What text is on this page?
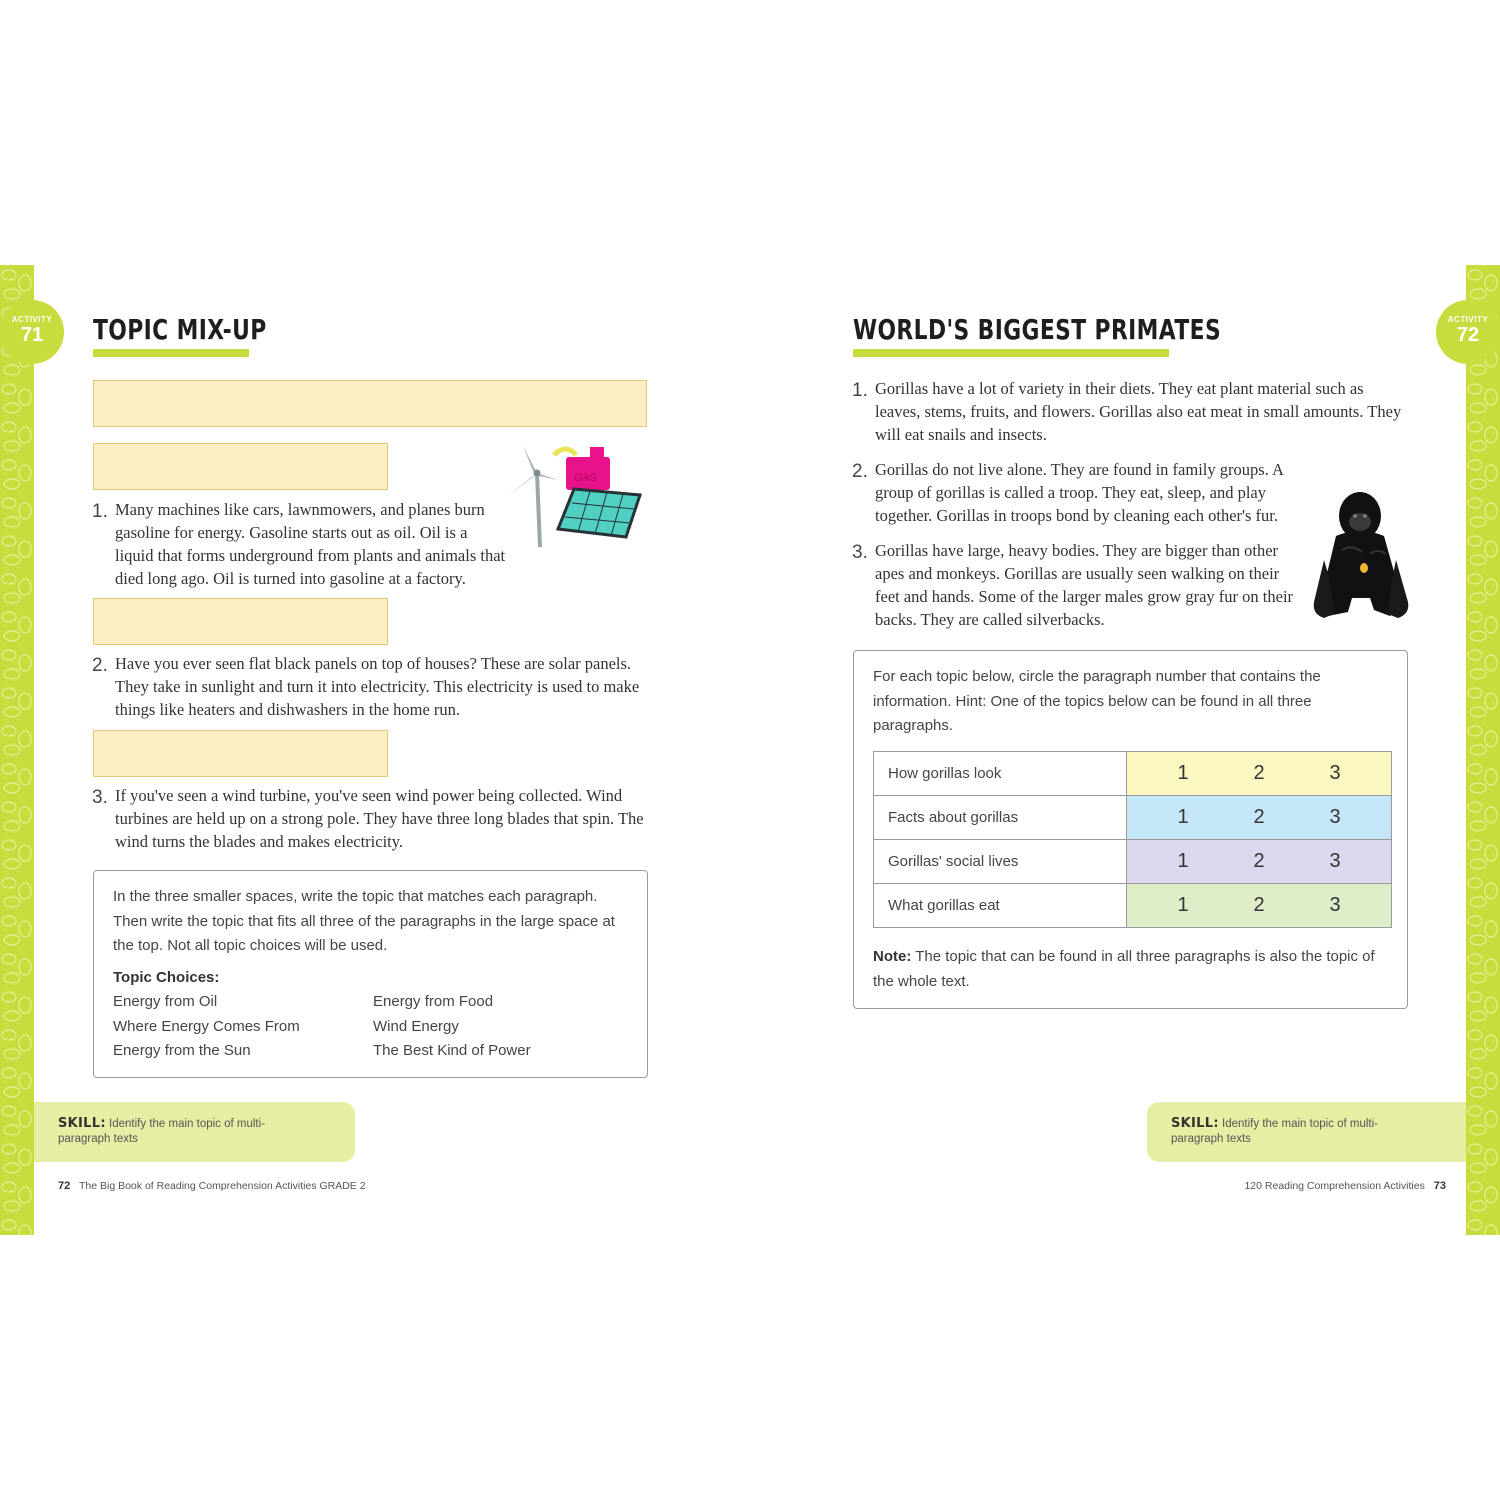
ACTIVITY
71	TOPIC MIX-UP
GAS
1. Many machines like cars, lawnmowers, and planes burn gasoline for energy. Gasoline starts out as oil. Oil is a liquid that forms underground from plants and animals that died long ago. Oil is turned into gasoline at a factory.
2. Have you ever seen flat black panels on top of houses? These are solar panels. They take in sunlight and turn it into electricity. This electricity is used to make things like heaters and dishwashers in the home run.
3. If you've seen a wind turbine, you've seen wind power being collected. Wind turbines are held up on a strong pole. They have three long blades that spin. The wind turns the blades and makes electricity.
In the three smaller spaces, write the topic that matches each paragraph. Then write the topic that fits all three of the paragraphs in the large space at the top. Not all topic choices will be used.
Topic Choices:
Energy from Oil
Where Energy Comes From
Energy from the Sun
Energy from Food
Wind Energy
The Best Kind of Power
SKILL: Identify the main topic of multi-paragraph texts
72 The Big Book of Reading Comprehension Activities GRADE 2
ACTIVITY
72
WORLD'S BIGGEST PRIMATES
1. Gorillas have a lot of variety in their diets. They eat plant material such as leaves, stems, fruits, and flowers. Gorillas also eat meat in small amounts. They will eat snails and insects.
2. Gorillas do not live alone. They are found in family groups. A group of gorillas is called a troop. They eat, sleep, and play together. Gorillas in troops bond by cleaning each other's fur.
3. Gorillas have large, heavy bodies. They are bigger than other apes and monkeys. Gorillas are usually seen walking on their feet and hands. Some of the larger males grow gray fur on their backs. They are called silverbacks.
For each topic below, circle the paragraph number that contains the information. Hint: One of the topics below can be found in all three paragraphs.
How gorillas look	1 2 3

Facts about gorillas	1 2 3

Gorillas' social lives	1 2 3

What gorillas eat	1 2 3
Note: The topic that can be found in all three paragraphs is also the topic of the whole text.
SKILL: Identify the main topic of multi-paragraph texts
120 Reading Comprehension Activities 73
